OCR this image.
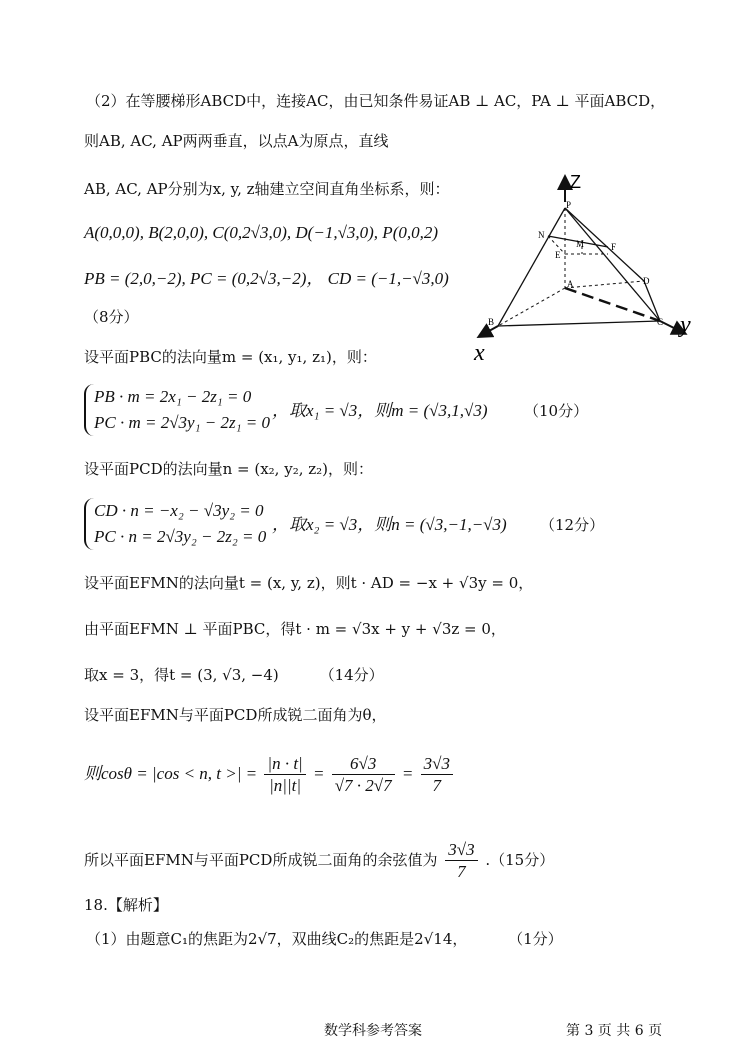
（2）在等腰梯形ABCD中，连接AC，由已知条件易证AB ⊥ AC，PA ⊥ 平面ABCD，
则AB, AC, AP两两垂直，以点A为原点，直线
AB, AC, AP分别为x, y, z轴建立空间直角坐标系，则：
A(0,0,0), B(2,0,0), C(0,2√3,0), D(−1,√3,0), P(0,0,2)
PB = (2,0,−2), PC = (0,2√3,−2)， CD = (−1,−√3,0)
（8分）
设平面PBC的法向量m = (x₁, y₁, z₁)，则：
PB · m = 2x₁ − 2z₁ = 0
PC · m = 2√3y₁ − 2z₁ = 0
，取x₁ = √3，则m = (√3,1,√3) （10分）
设平面PCD的法向量n = (x₂, y₂, z₂)，则：
CD · n = −x₂ − √3y₂ = 0
PC · n = 2√3y₂ − 2z₂ = 0
，取x₂ = √3，则n = (√3,−1,−√3) （12分）
设平面EFMN的法向量t = (x, y, z)，则t · AD = −x + √3y = 0，
由平面EFMN ⊥ 平面PBC，得t · m = √3x + y + √3z = 0，
取x = 3，得t = (3, √3, −4)	（14分）
设平面EFMN与平面PCD所成锐二面角为θ，
则cosθ = |cos < n, t >| = $\frac{|n \cdot t|}{|n||t|} = \frac{6√3}{√7 \cdot 2√7} = \frac{3√3}{7}$
所以平面EFMN与平面PCD所成锐二面角的余弦值为 $\frac{3√3}{7} .(15$分）
18.【解析】
（1）由题意C₁的焦距为2√7，双曲线C₂的焦距是2√14，	（1分）
Z
x
y
P
N
M	F
E
A	D
B	C
数学科参考答案	第 3 页 共 6 页
